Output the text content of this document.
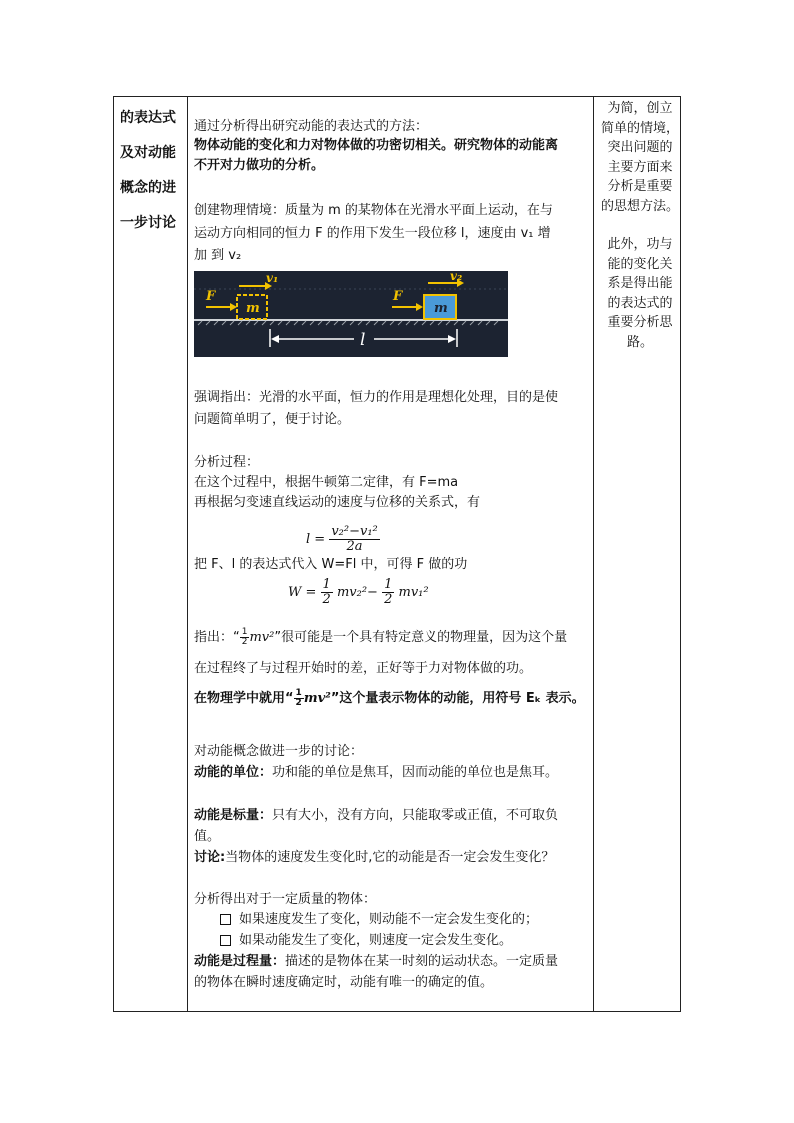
的表达式
及对动能
概念的进
一步讨论

为简，创立

简单的情境，

突出问题的

主要方面来

分析是重要

的思想方法。

此外，功与

能的变化关

系是得出能

的表达式的

重要分析思

路。

通过分析得出研究动能的表达式的方法：
物体动能的变化和力对物体做的功密切相关。研究物体的动能离
不开对力做功的分析。
创建物理情境：质量为 m 的某物体在光滑水平面上运动，在与
运动方向相同的恒力 F 的作用下发生一段位移 l，速度由 v₁ 增
加 到 v₂
m
F
v₁
m
F
v₂
l
强调指出：光滑的水平面，恒力的作用是理想化处理，目的是使
问题简单明了，便于讨论。
分析过程：
在这个过程中，根据牛顿第二定律，有 F=ma
再根据匀变速直线运动的速度与位移的关系式，有
$l = \frac{\text{v₂²−v₁²}}{2a}$
把 F、l 的表达式代入 W=Fl 中，可得 F 做的功
$W = \frac{1}{2} mv_2^2- \frac{1}{2} mv_1^2$
指出：“ $\frac{1}{2} mv^2$”很可能是一个具有特定意义的物理量，因为这个量
在过程终了与过程开始时的差，正好等于力对物体做的功。
在物理学中就用“ $\frac{1}{2} mv^2$”这个量表示物体的动能，用符号 Eₖ 表示。
对动能概念做进一步的讨论：
动能的单位：功和能的单位是焦耳，因而动能的单位也是焦耳。
动能是标量：只有大小，没有方向，只能取零或正值，不可取负
值。
讨论:当物体的速度发生变化时,它的动能是否一定会发生变化？
分析得出对于一定质量的物体：
如果速度发生了变化，则动能不一定会发生变化的；
如果动能发生了变化，则速度一定会发生变化。
动能是过程量：描述的是物体在某一时刻的运动状态。一定质量
的物体在瞬时速度确定时，动能有唯一的确定的值。
